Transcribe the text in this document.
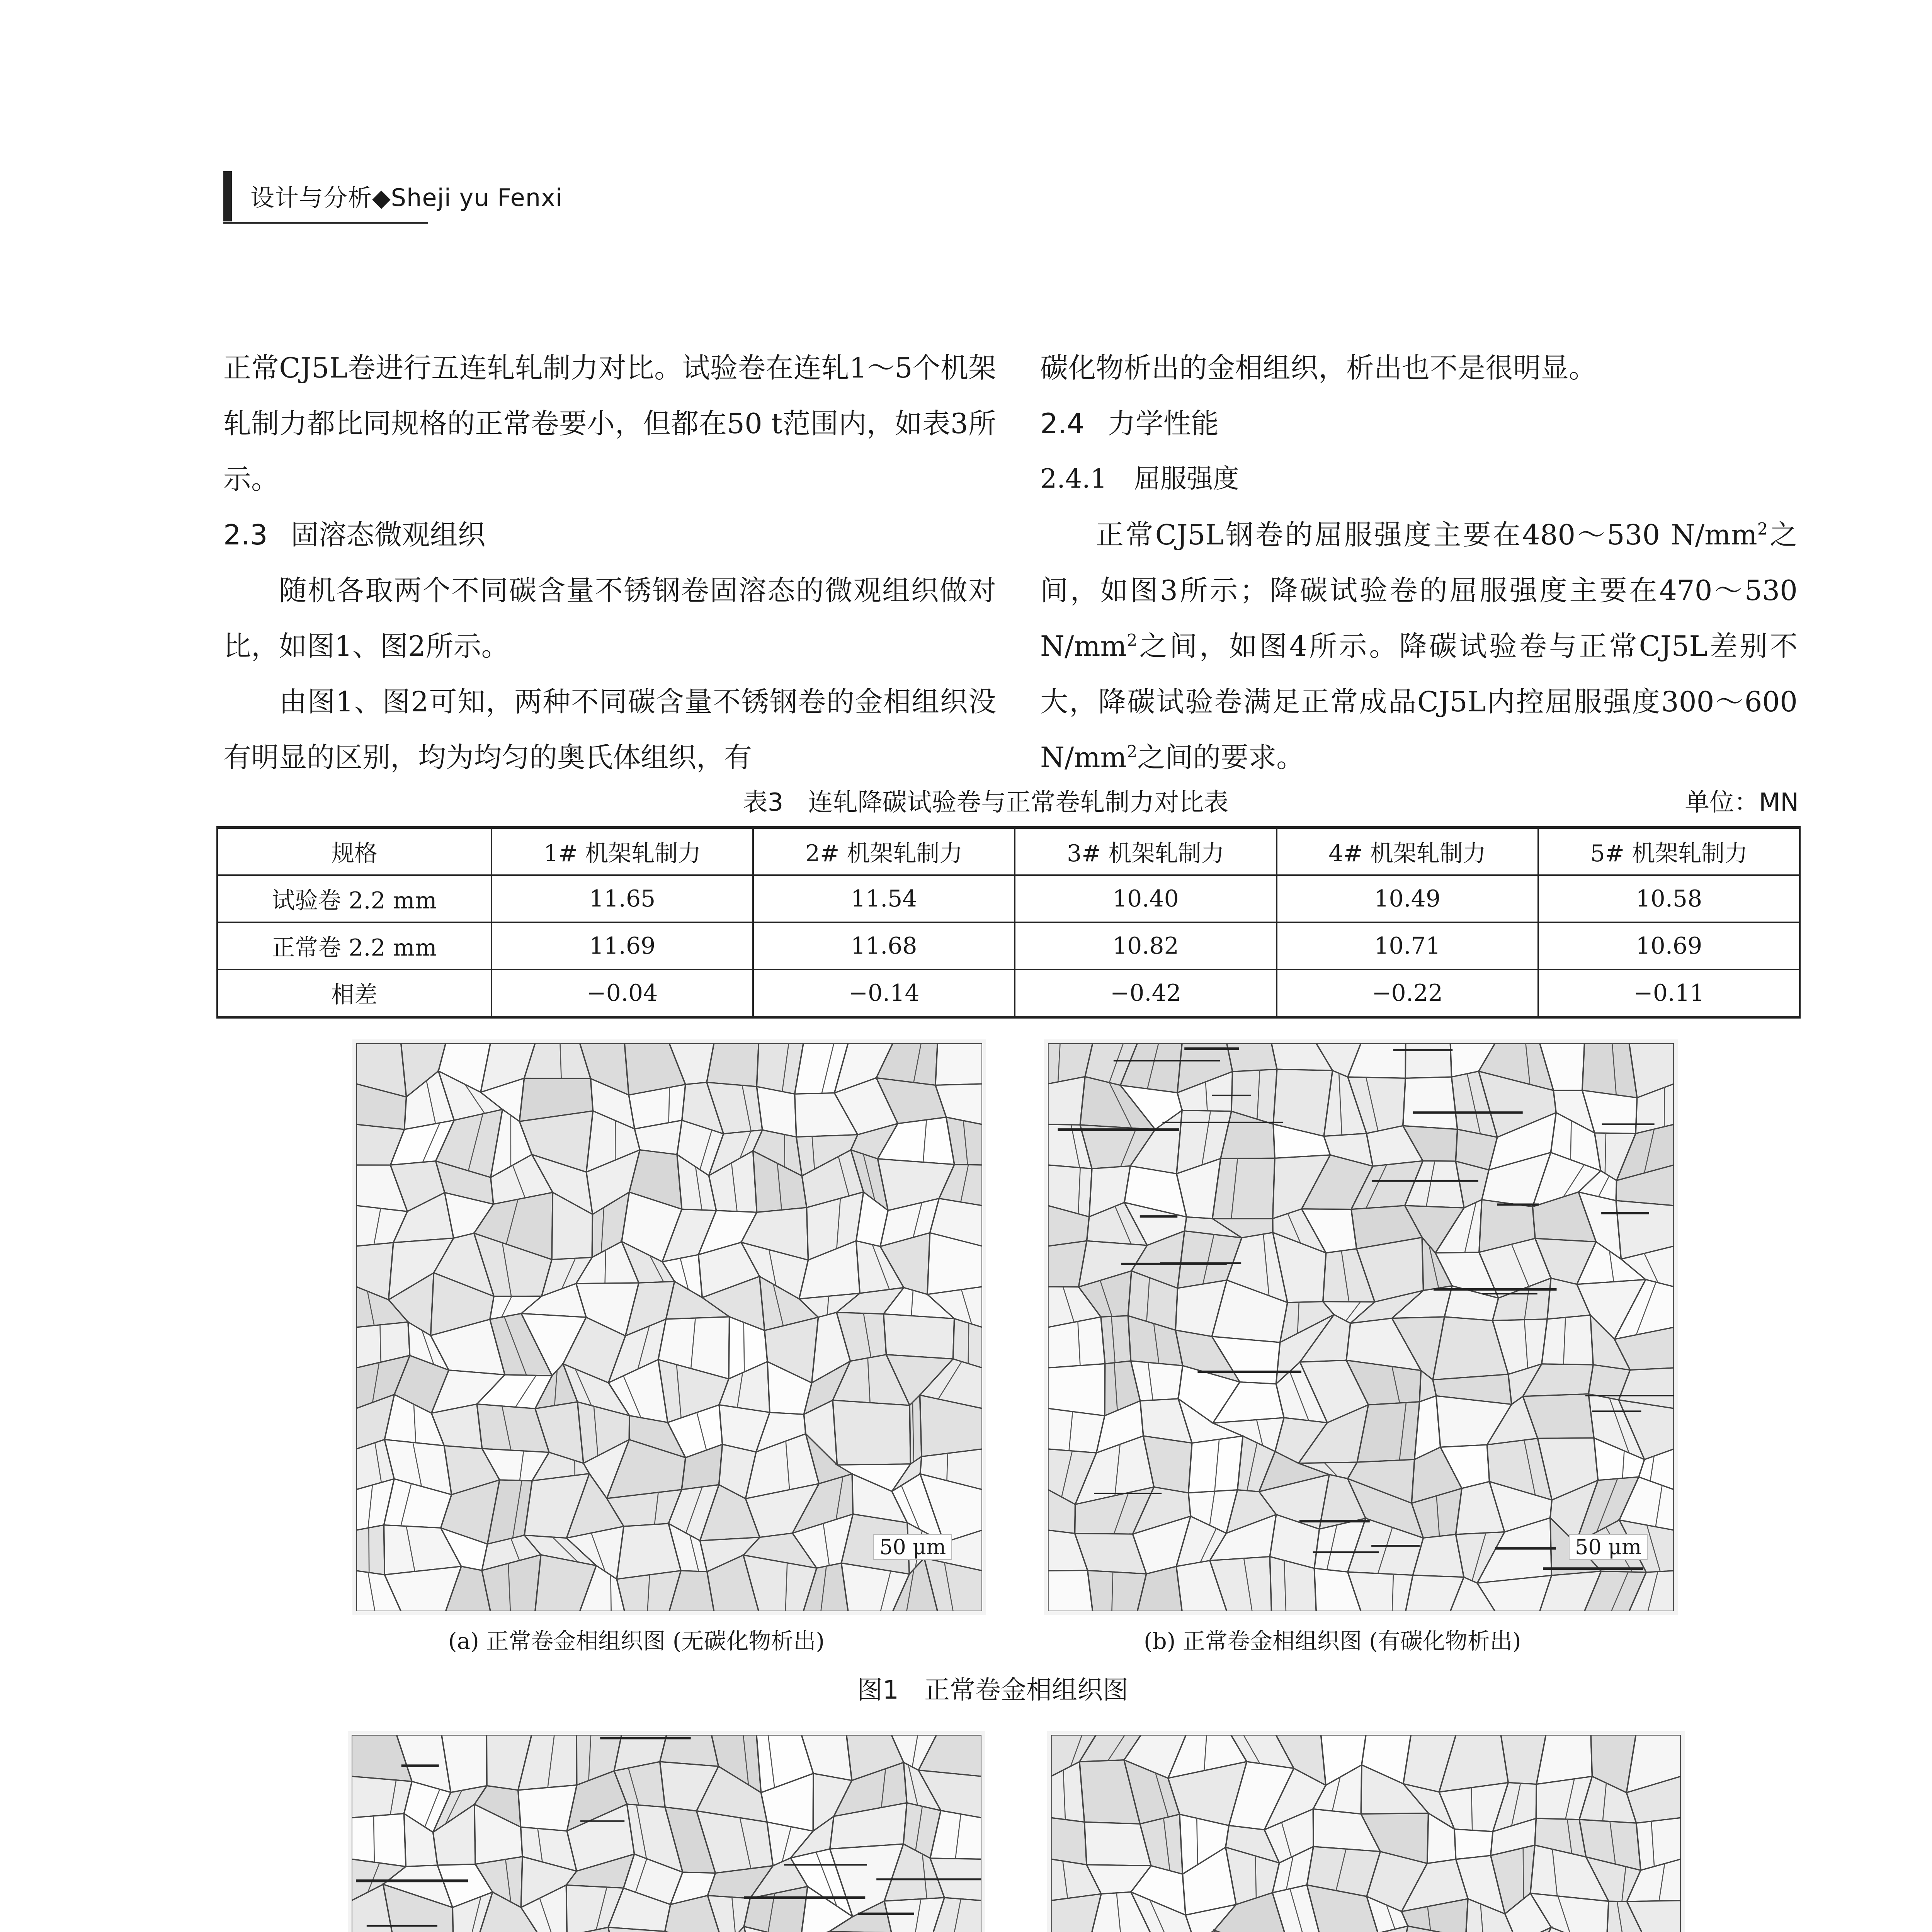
设计与分析◆Sheji yu Fenxi

正常CJ5L卷进行五连轧轧制力对比。试验卷在连轧1～5个机架轧制力都比同规格的正常卷要小，但都在50 t范围内，如表3所示。

2.3 固溶态微观组织

随机各取两个不同碳含量不锈钢卷固溶态的微观组织做对比，如图1、图2所示。

由图1、图2可知，两种不同碳含量不锈钢卷的金相组织没有明显的区别，均为均匀的奥氏体组织，有

碳化物析出的金相组织，析出也不是很明显。

2.4 力学性能
2.4.1 屈服强度

正常CJ5L钢卷的屈服强度主要在480～530 $N/mm^2$之间，如图3所示；降碳试验卷的屈服强度主要在470～530 $N/mm^2$之间，如图4所示。降碳试验卷与正常CJ5L差别不大，降碳试验卷满足正常成品CJ5L内控屈服强度300～600 $N/mm^2$之间的要求。

表3　连轧降碳试验卷与正常卷轧制力对比表	单位：MN
规格	1# 机架轧制力	2# 机架轧制力	3# 机架轧制力	4# 机架轧制力	5# 机架轧制力
试验卷 2.2 mm	11.65	11.54	10.40	10.49	10.58
正常卷 2.2 mm	11.69	11.68	10.82	10.71	10.69
相差	−0.04	−0.14	−0.42	−0.22	−0.11
50 μm	50 μm
(a) 正常卷金相组织图 (无碳化物析出)	(b) 正常卷金相组织图 (有碳化物析出)
图1　正常卷金相组织图
